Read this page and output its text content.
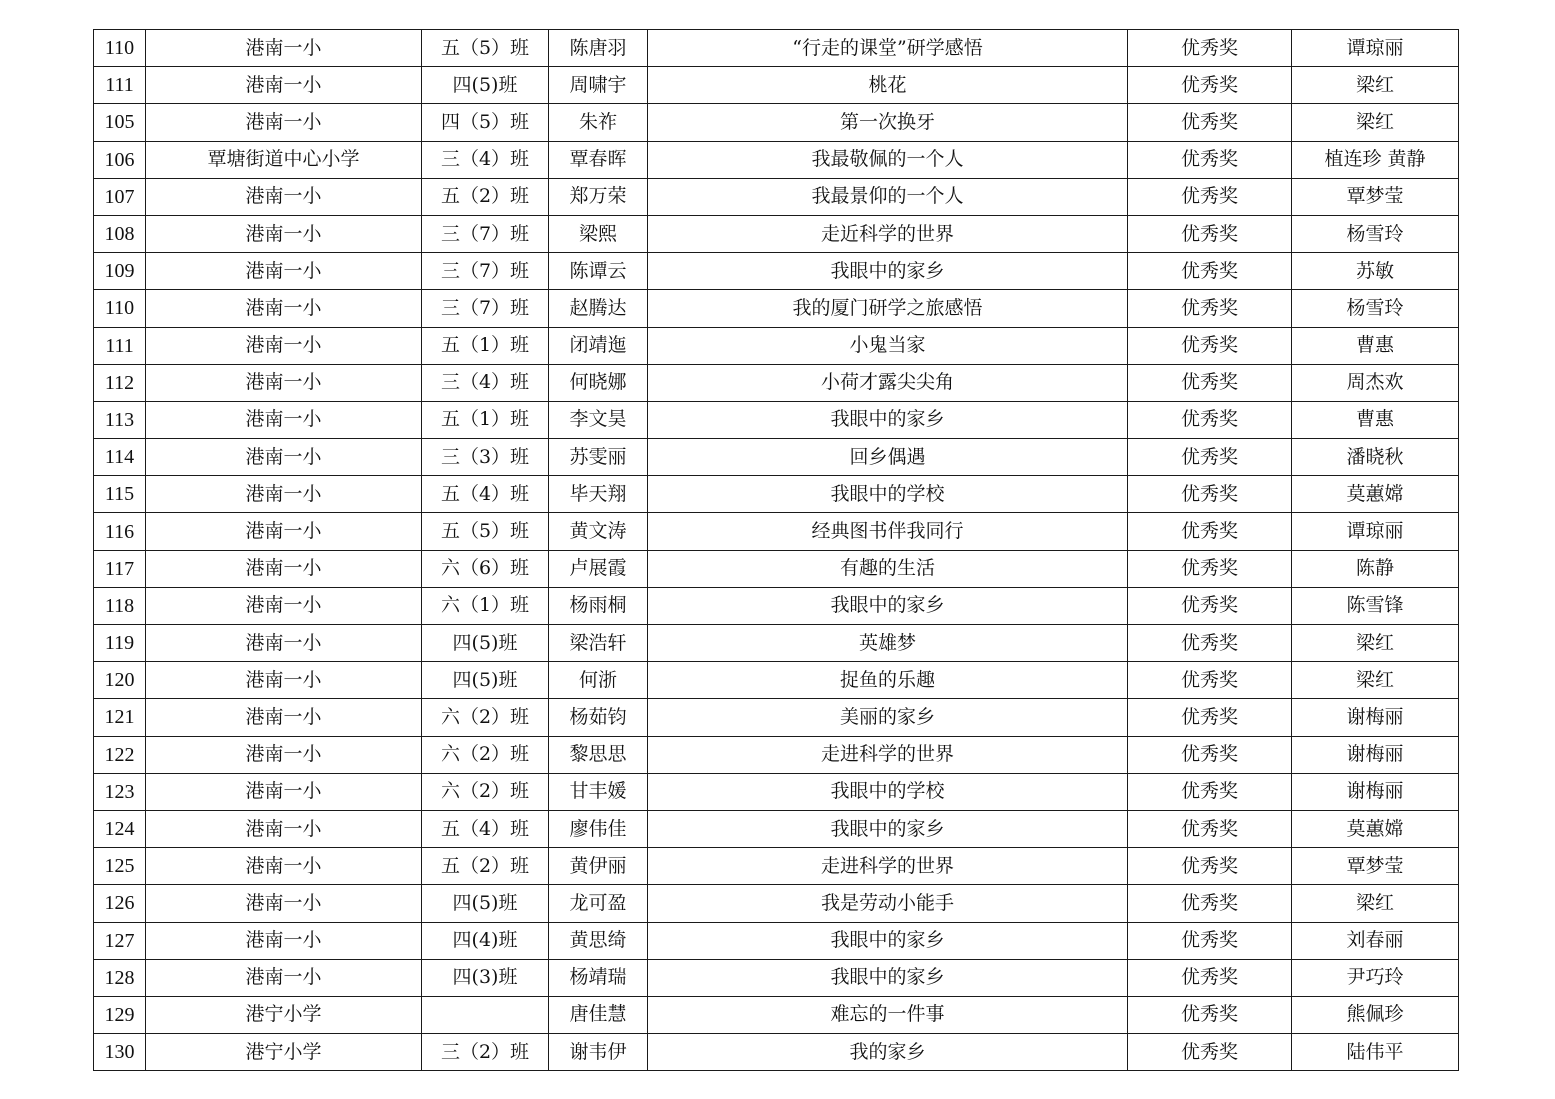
110	港南一小	五（5）班	陈唐羽	“行走的课堂”研学感悟	优秀奖	谭琼丽
111	港南一小	四(5)班	周啸宇	桃花	优秀奖	梁红
105	港南一小	四（5）班	朱祚	第一次换牙	优秀奖	梁红
106	覃塘街道中心小学	三（4）班	覃春晖	我最敬佩的一个人	优秀奖	植连珍 黄静
107	港南一小	五（2）班	郑万荣	我最景仰的一个人	优秀奖	覃梦莹
108	港南一小	三（7）班	梁熙	走近科学的世界	优秀奖	杨雪玲
109	港南一小	三（7）班	陈谭云	我眼中的家乡	优秀奖	苏敏
110	港南一小	三（7）班	赵腾达	我的厦门研学之旅感悟	优秀奖	杨雪玲
111	港南一小	五（1）班	闭靖迤	小鬼当家	优秀奖	曹惠
112	港南一小	三（4）班	何晓娜	小荷才露尖尖角	优秀奖	周杰欢
113	港南一小	五（1）班	李文昊	我眼中的家乡	优秀奖	曹惠
114	港南一小	三（3）班	苏雯丽	回乡偶遇	优秀奖	潘晓秋
115	港南一小	五（4）班	毕天翔	我眼中的学校	优秀奖	莫蕙嫦
116	港南一小	五（5）班	黄文涛	经典图书伴我同行	优秀奖	谭琼丽
117	港南一小	六（6）班	卢展霞	有趣的生活	优秀奖	陈静
118	港南一小	六（1）班	杨雨桐	我眼中的家乡	优秀奖	陈雪锋
119	港南一小	四(5)班	梁浩轩	英雄梦	优秀奖	梁红
120	港南一小	四(5)班	何浙	捉鱼的乐趣	优秀奖	梁红
121	港南一小	六（2）班	杨茹钧	美丽的家乡	优秀奖	谢梅丽
122	港南一小	六（2）班	黎思思	走进科学的世界	优秀奖	谢梅丽
123	港南一小	六（2）班	甘丰媛	我眼中的学校	优秀奖	谢梅丽
124	港南一小	五（4）班	廖伟佳	我眼中的家乡	优秀奖	莫蕙嫦
125	港南一小	五（2）班	黄伊丽	走进科学的世界	优秀奖	覃梦莹
126	港南一小	四(5)班	龙可盈	我是劳动小能手	优秀奖	梁红
127	港南一小	四(4)班	黄思绮	我眼中的家乡	优秀奖	刘春丽
128	港南一小	四(3)班	杨靖瑞	我眼中的家乡	优秀奖	尹巧玲
129	港宁小学		唐佳慧	难忘的一件事	优秀奖	熊佩珍
130	港宁小学	三（2）班	谢韦伊	我的家乡	优秀奖	陆伟平
